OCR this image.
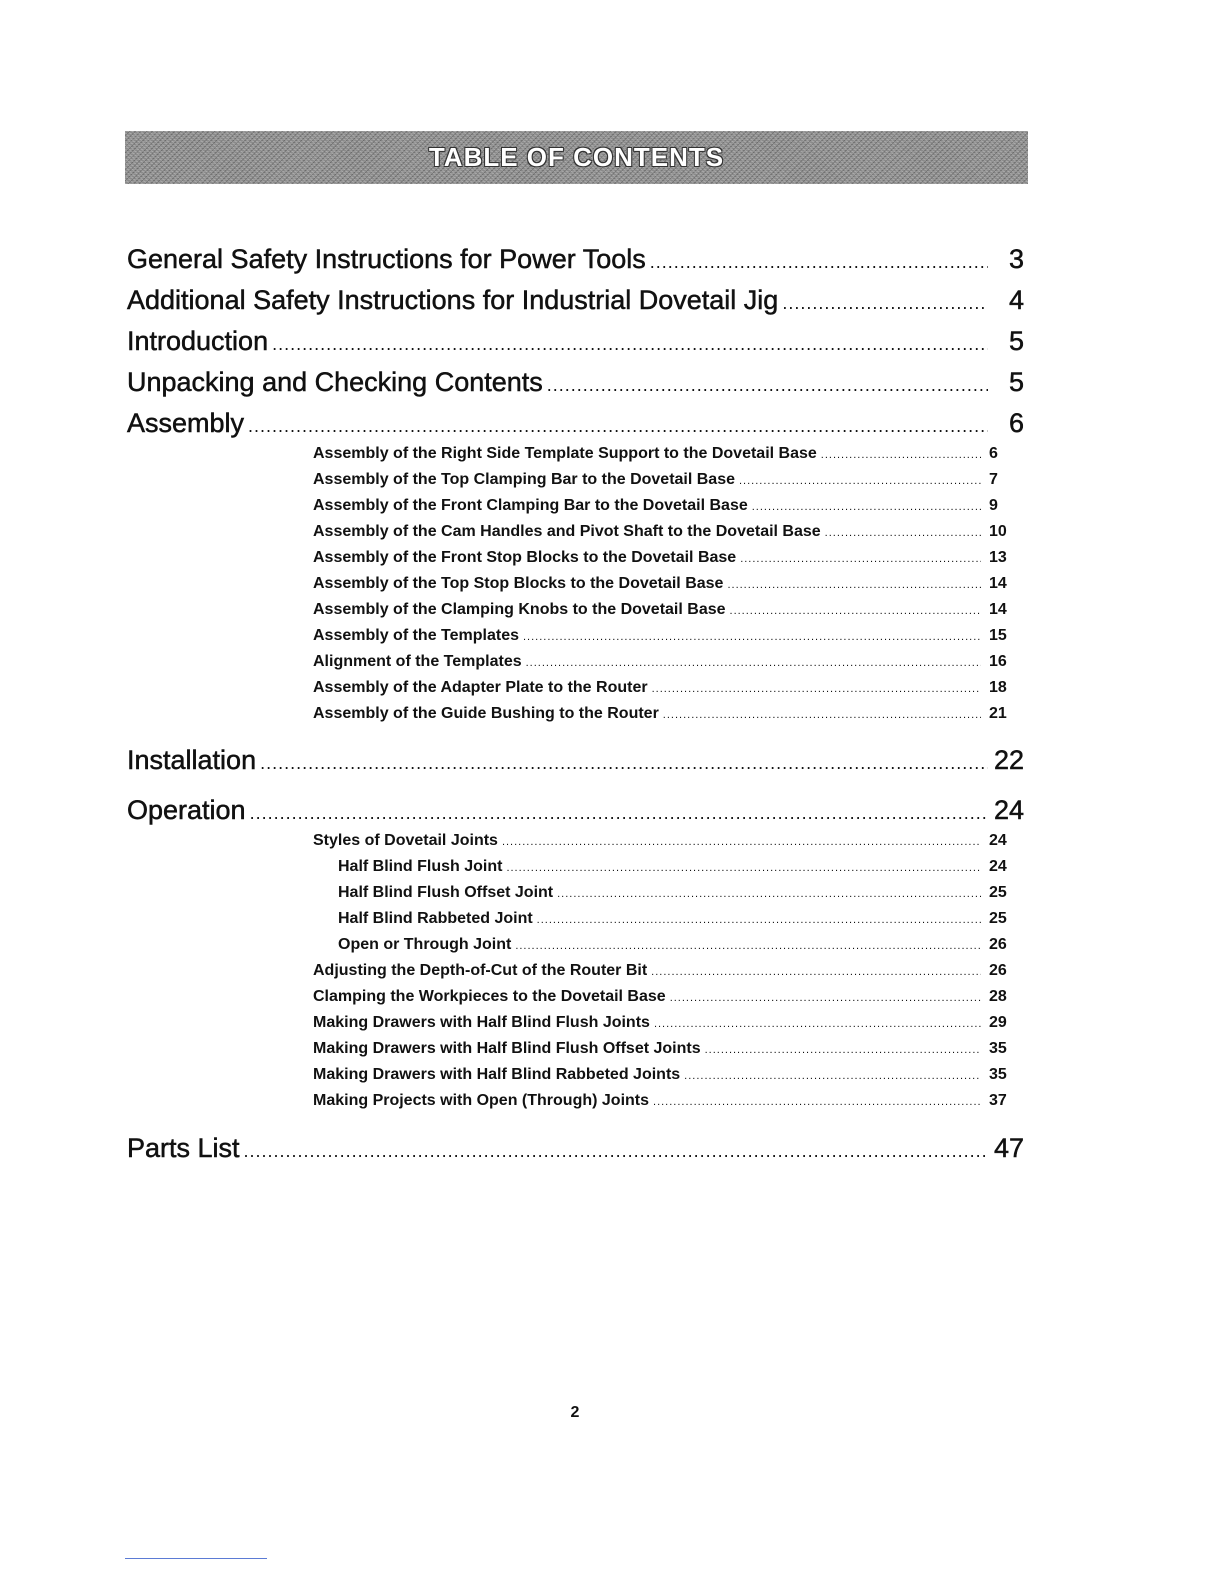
TABLE OF CONTENTS
General Safety Instructions for Power Tools .....	3
Additional Safety Instructions for Industrial Dovetail Jig .....	4
Introduction .....	5
Unpacking and Checking Contents .....	5
Assembly .....	6
Assembly of the Right Side Template Support to the Dovetail Base .....	6
Assembly of the Top Clamping Bar to the Dovetail Base .....	7
Assembly of the Front Clamping Bar to the Dovetail Base .....	9
Assembly of the Cam Handles and Pivot Shaft to the Dovetail Base .....	10
Assembly of the Front Stop Blocks to the Dovetail Base .....	13
Assembly of the Top Stop Blocks to the Dovetail Base .....	14
Assembly of the Clamping Knobs to the Dovetail Base .....	14
Assembly of the Templates .....	15
Alignment of the Templates .....	16
Assembly of the Adapter Plate to the Router .....	18
Assembly of the Guide Bushing to the Router .....	21
Installation .....	22
Operation .....	24
Styles of Dovetail Joints .....	24
Half Blind Flush Joint .....	24
Half Blind Flush Offset Joint .....	25
Half Blind Rabbeted Joint .....	25
Open or Through Joint .....	26
Adjusting the Depth-of-Cut of the Router Bit .....	26
Clamping the Workpieces to the Dovetail Base .....	28
Making Drawers with Half Blind Flush Joints .....	29
Making Drawers with Half Blind Flush Offset Joints .....	35
Making Drawers with Half Blind Rabbeted Joints .....	35
Making Projects with Open (Through) Joints .....	37
Parts List .....	47
2
